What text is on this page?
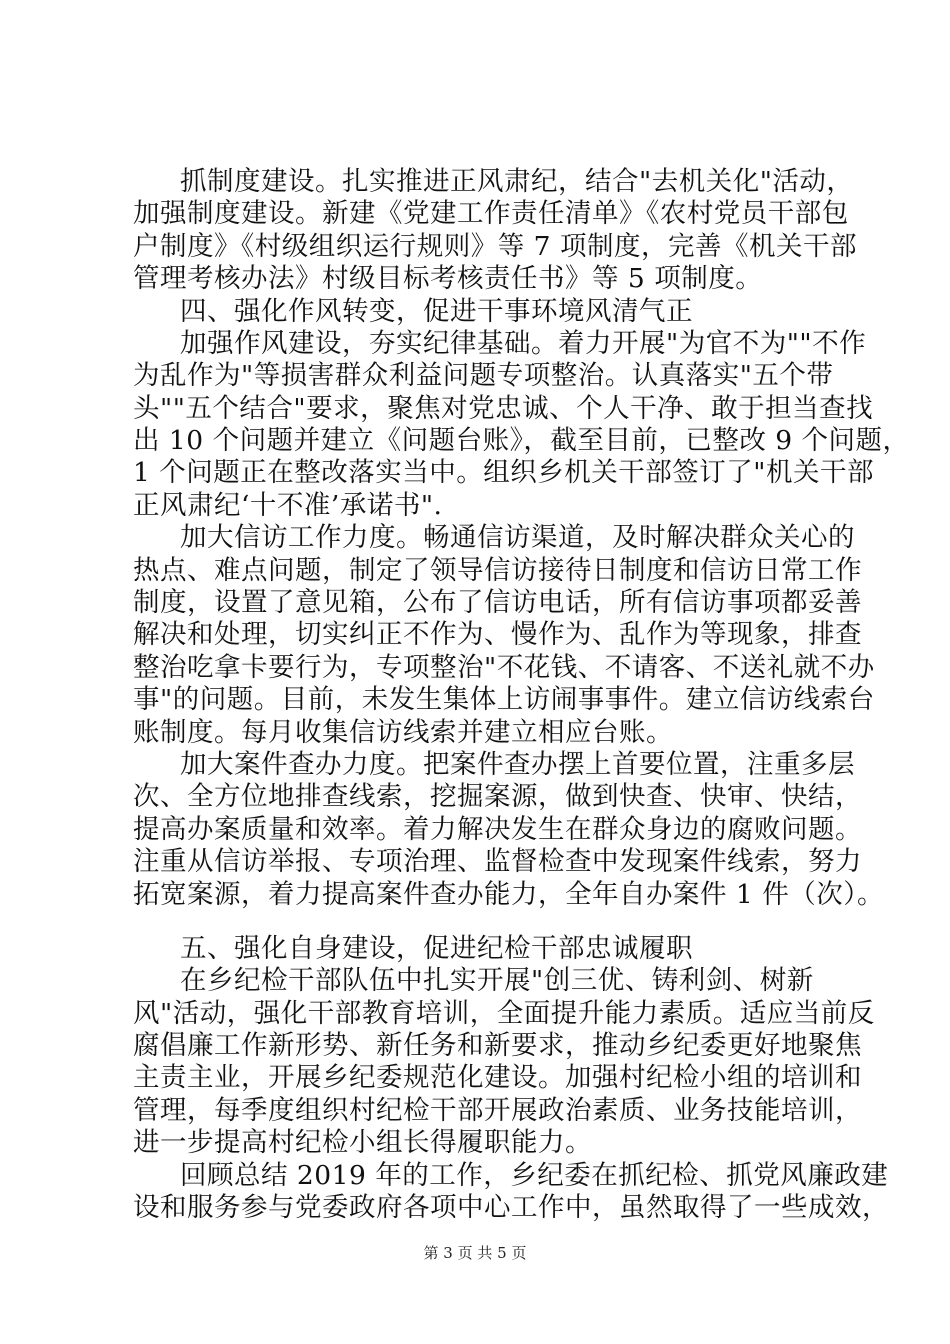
抓制度建设。扎实推进正风肃纪，结合"去机关化"活动，
加强制度建设。新建《党建工作责任清单》《农村党员干部包
户制度》《村级组织运行规则》等 7 项制度，完善《机关干部
管理考核办法》村级目标考核责任书》等 5 项制度。
四、强化作风转变，促进干事环境风清气正
加强作风建设，夯实纪律基础。着力开展"为官不为""不作
为乱作为"等损害群众利益问题专项整治。认真落实"五个带
头""五个结合"要求，聚焦对党忠诚、个人干净、敢于担当查找
出 10 个问题并建立《问题台账》，截至目前，已整改 9 个问题，
1 个问题正在整改落实当中。组织乡机关干部签订了"机关干部
正风肃纪‘十不准’承诺书".
加大信访工作力度。畅通信访渠道，及时解决群众关心的
热点、难点问题，制定了领导信访接待日制度和信访日常工作
制度，设置了意见箱，公布了信访电话，所有信访事项都妥善
解决和处理，切实纠正不作为、慢作为、乱作为等现象，排查
整治吃拿卡要行为，专项整治"不花钱、不请客、不送礼就不办
事"的问题。目前，未发生集体上访闹事事件。建立信访线索台
账制度。每月收集信访线索并建立相应台账。
加大案件查办力度。把案件查办摆上首要位置，注重多层
次、全方位地排查线索，挖掘案源，做到快查、快审、快结，
提高办案质量和效率。着力解决发生在群众身边的腐败问题。
注重从信访举报、专项治理、监督检查中发现案件线索，努力
拓宽案源，着力提高案件查办能力，全年自办案件 1 件（次）。
五、强化自身建设，促进纪检干部忠诚履职
在乡纪检干部队伍中扎实开展"创三优、铸利剑、树新
风"活动，强化干部教育培训，全面提升能力素质。适应当前反
腐倡廉工作新形势、新任务和新要求，推动乡纪委更好地聚焦
主责主业，开展乡纪委规范化建设。加强村纪检小组的培训和
管理，每季度组织村纪检干部开展政治素质、业务技能培训，
进一步提高村纪检小组长得履职能力。
回顾总结 2019 年的工作，乡纪委在抓纪检、抓党风廉政建
设和服务参与党委政府各项中心工作中，虽然取得了一些成效，
第 3 页 共 5 页
